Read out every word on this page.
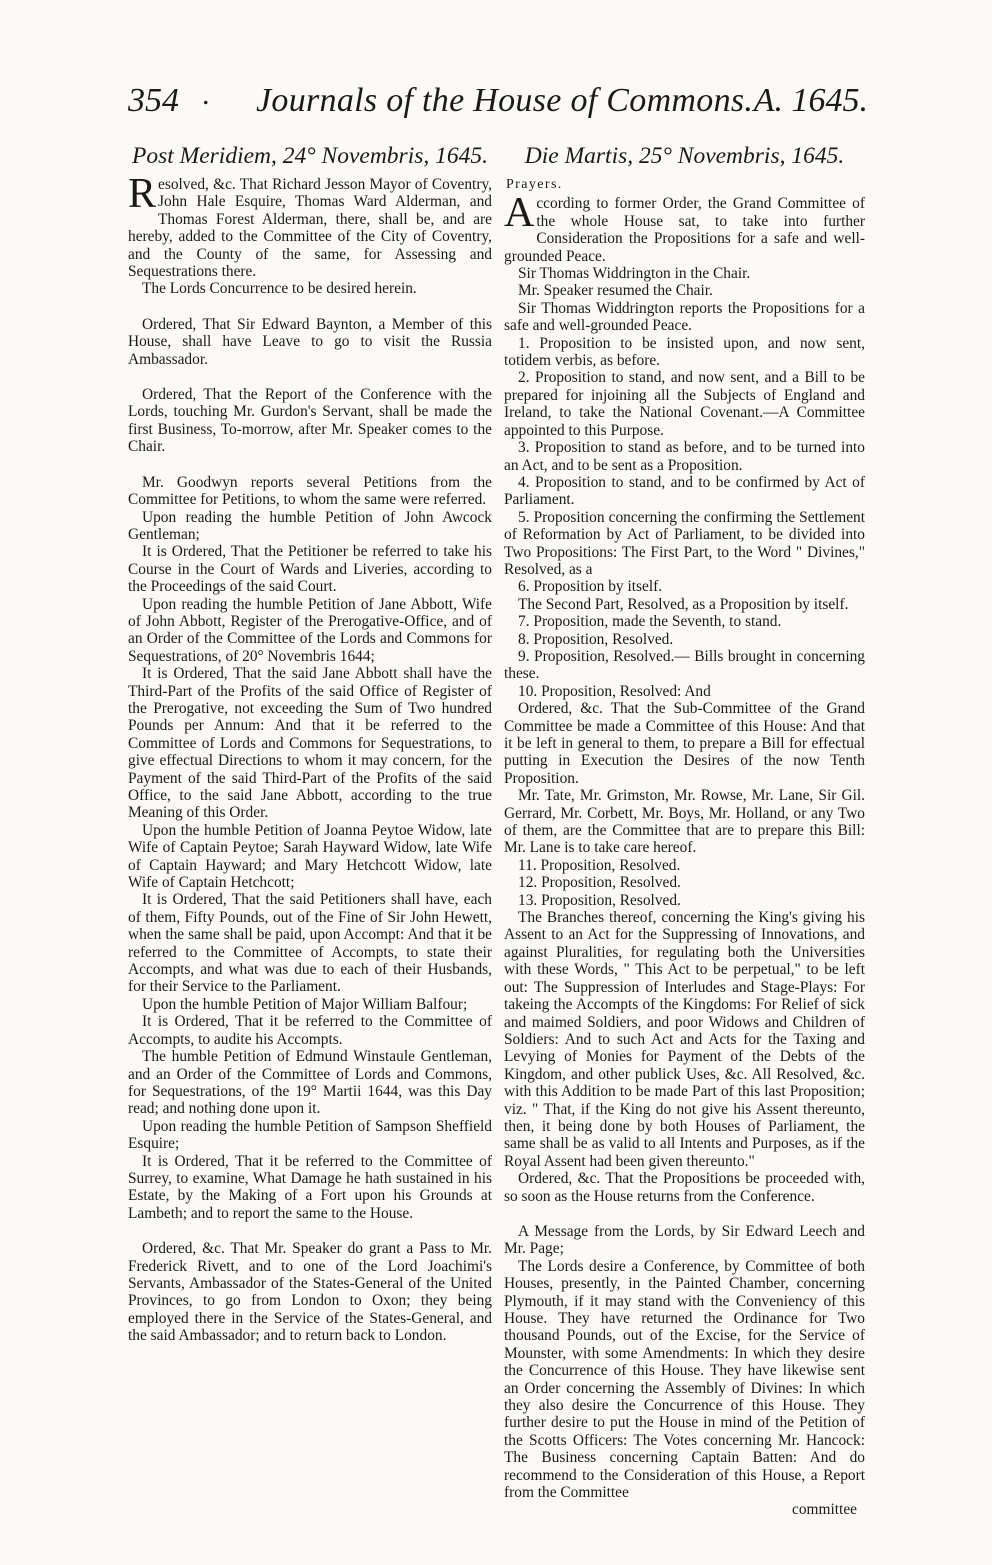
354 . Journals of the House of Commons. A. 1645.
Post Meridiem, 24° Novembris, 1645.

Resolved, &c. That Richard Jesson Mayor of Coventry, John Hale Esquire, Thomas Ward Alderman, and Thomas Forest Alderman, there, shall be, and are hereby, added to the Committee of the City of Coventry, and the County of the same, for Assessing and Sequestrations there.

The Lords Concurrence to be desired herein.

Ordered, That Sir Edward Baynton, a Member of this House, shall have Leave to go to visit the Russia Ambassador.

Ordered, That the Report of the Conference with the Lords, touching Mr. Gurdon's Servant, shall be made the first Business, To-morrow, after Mr. Speaker comes to the Chair.

Mr. Goodwyn reports several Petitions from the Committee for Petitions, to whom the same were referred.

Upon reading the humble Petition of John Awcock Gentleman;

It is Ordered, That the Petitioner be referred to take his Course in the Court of Wards and Liveries, according to the Proceedings of the said Court.

Upon reading the humble Petition of Jane Abbott, Wife of John Abbott, Register of the Prerogative-Office, and of an Order of the Committee of the Lords and Commons for Sequestrations, of 20° Novembris 1644;

It is Ordered, That the said Jane Abbott shall have the Third-Part of the Profits of the said Office of Register of the Prerogative, not exceeding the Sum of Two hundred Pounds per Annum: And that it be referred to the Committee of Lords and Commons for Sequestrations, to give effectual Directions to whom it may concern, for the Payment of the said Third-Part of the Profits of the said Office, to the said Jane Abbott, according to the true Meaning of this Order.

Upon the humble Petition of Joanna Peytoe Widow, late Wife of Captain Peytoe; Sarah Hayward Widow, late Wife of Captain Hayward; and Mary Hetchcott Widow, late Wife of Captain Hetchcott;

It is Ordered, That the said Petitioners shall have, each of them, Fifty Pounds, out of the Fine of Sir John Hewett, when the same shall be paid, upon Accompt: And that it be referred to the Committee of Accompts, to state their Accompts, and what was due to each of their Husbands, for their Service to the Parliament.

Upon the humble Petition of Major William Balfour;

It is Ordered, That it be referred to the Committee of Accompts, to audite his Accompts.

The humble Petition of Edmund Winstaule Gentleman, and an Order of the Committee of Lords and Commons, for Sequestrations, of the 19° Martii 1644, was this Day read; and nothing done upon it.

Upon reading the humble Petition of Sampson Sheffield Esquire;

It is Ordered, That it be referred to the Committee of Surrey, to examine, What Damage he hath sustained in his Estate, by the Making of a Fort upon his Grounds at Lambeth; and to report the same to the House.

Ordered, &c. That Mr. Speaker do grant a Pass to Mr. Frederick Rivett, and to one of the Lord Joachimi's Servants, Ambassador of the States-General of the United Provinces, to go from London to Oxon; they being employed there in the Service of the States-General, and the said Ambassador; and to return back to London.

Die Martis, 25° Novembris, 1645.
Prayers.

According to former Order, the Grand Committee of the whole House sat, to take into further Consideration the Propositions for a safe and well-grounded Peace.

Sir Thomas Widdrington in the Chair.

Mr. Speaker resumed the Chair.

Sir Thomas Widdrington reports the Propositions for a safe and well-grounded Peace.

1. Proposition to be insisted upon, and now sent, totidem verbis, as before.

2. Proposition to stand, and now sent, and a Bill to be prepared for injoining all the Subjects of England and Ireland, to take the National Covenant.—A Committee appointed to this Purpose.

3. Proposition to stand as before, and to be turned into an Act, and to be sent as a Proposition.

4. Proposition to stand, and to be confirmed by Act of Parliament.

5. Proposition concerning the confirming the Settlement of Reformation by Act of Parliament, to be divided into Two Propositions: The First Part, to the Word " Divines," Resolved, as a

6. Proposition by itself.

The Second Part, Resolved, as a Proposition by itself.

7. Proposition, made the Seventh, to stand.

8. Proposition, Resolved.

9. Proposition, Resolved.— Bills brought in concerning these.

10. Proposition, Resolved: And

Ordered, &c. That the Sub-Committee of the Grand Committee be made a Committee of this House: And that it be left in general to them, to prepare a Bill for effectual putting in Execution the Desires of the now Tenth Proposition.

Mr. Tate, Mr. Grimston, Mr. Rowse, Mr. Lane, Sir Gil. Gerrard, Mr. Corbett, Mr. Boys, Mr. Holland, or any Two of them, are the Committee that are to prepare this Bill: Mr. Lane is to take care hereof.

11. Proposition, Resolved.

12. Proposition, Resolved.

13. Proposition, Resolved.

The Branches thereof, concerning the King's giving his Assent to an Act for the Suppressing of Innovations, and against Pluralities, for regulating both the Universities with these Words, " This Act to be perpetual," to be left out: The Suppression of Interludes and Stage-Plays: For takeing the Accompts of the Kingdoms: For Relief of sick and maimed Soldiers, and poor Widows and Children of Soldiers: And to such Act and Acts for the Taxing and Levying of Monies for Payment of the Debts of the Kingdom, and other publick Uses, &c. All Resolved, &c. with this Addition to be made Part of this last Proposition; viz. " That, if the King do not give his Assent thereunto, then, it being done by both Houses of Parliament, the same shall be as valid to all Intents and Purposes, as if the Royal Assent had been given thereunto."

Ordered, &c. That the Propositions be proceeded with, so soon as the House returns from the Conference.

A Message from the Lords, by Sir Edward Leech and Mr. Page;

The Lords desire a Conference, by Committee of both Houses, presently, in the Painted Chamber, concerning Plymouth, if it may stand with the Conveniency of this House. They have returned the Ordinance for Two thousand Pounds, out of the Excise, for the Service of Mounster, with some Amendments: In which they desire the Concurrence of this House. They have likewise sent an Order concerning the Assembly of Divines: In which they also desire the Concurrence of this House. They further desire to put the House in mind of the Petition of the Scotts Officers: The Votes concerning Mr. Hancock: The Business concerning Captain Batten: And do recommend to the Consideration of this House, a Report from the Committee

committee
